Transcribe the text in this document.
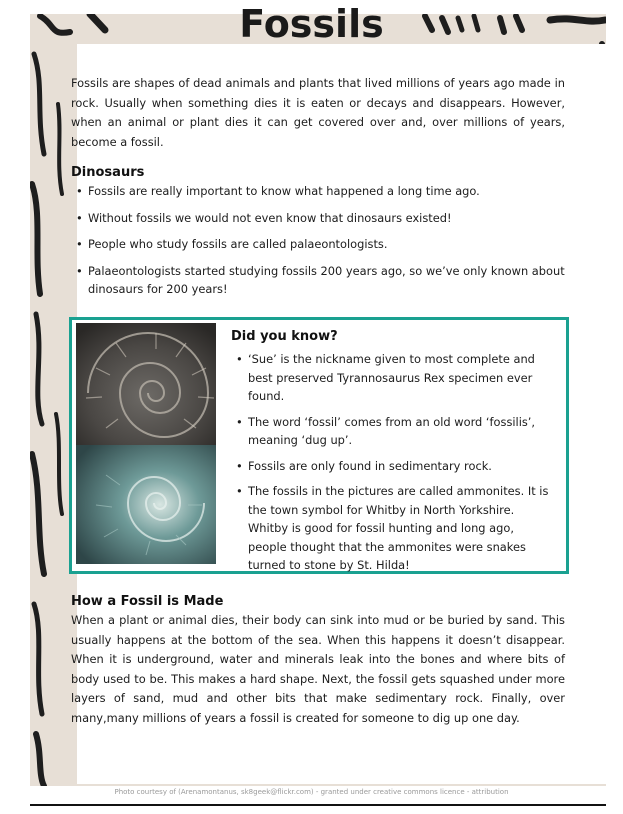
Fossils
Fossils are shapes of dead animals and plants that lived millions of years ago made in rock. Usually when something dies it is eaten or decays and disappears. However, when an animal or plant dies it can get covered over and, over millions of years, become a fossil.
Dinosaurs
• Fossils are really important to know what happened a long time ago.
• Without fossils we would not even know that dinosaurs existed!
• People who study fossils are called palaeontologists.
• Palaeontologists started studying fossils 200 years ago, so we’ve only known about dinosaurs for 200 years!
Did you know?
• ‘Sue’ is the nickname given to most complete and best preserved Tyrannosaurus Rex specimen ever found.
• The word ‘fossil’ comes from an old word ‘fossilis’, meaning ‘dug up’.
• Fossils are only found in sedimentary rock.
• The fossils in the pictures are called ammonites. It is the town symbol for Whitby in North Yorkshire. Whitby is good for fossil hunting and long ago, people thought that the ammonites were snakes turned to stone by St. Hilda!
How a Fossil is Made
When a plant or animal dies, their body can sink into mud or be buried by sand. This usually happens at the bottom of the sea. When this happens it doesn’t disappear. When it is underground, water and minerals leak into the bones and where bits of body used to be. This makes a hard shape. Next, the fossil gets squashed under more layers of sand, mud and other bits that make sedimentary rock. Finally, over many,many millions of years a fossil is created for someone to dig up one day.
Photo courtesy of (Arenamontanus, sk8geek@flickr.com) - granted under creative commons licence - attribution
